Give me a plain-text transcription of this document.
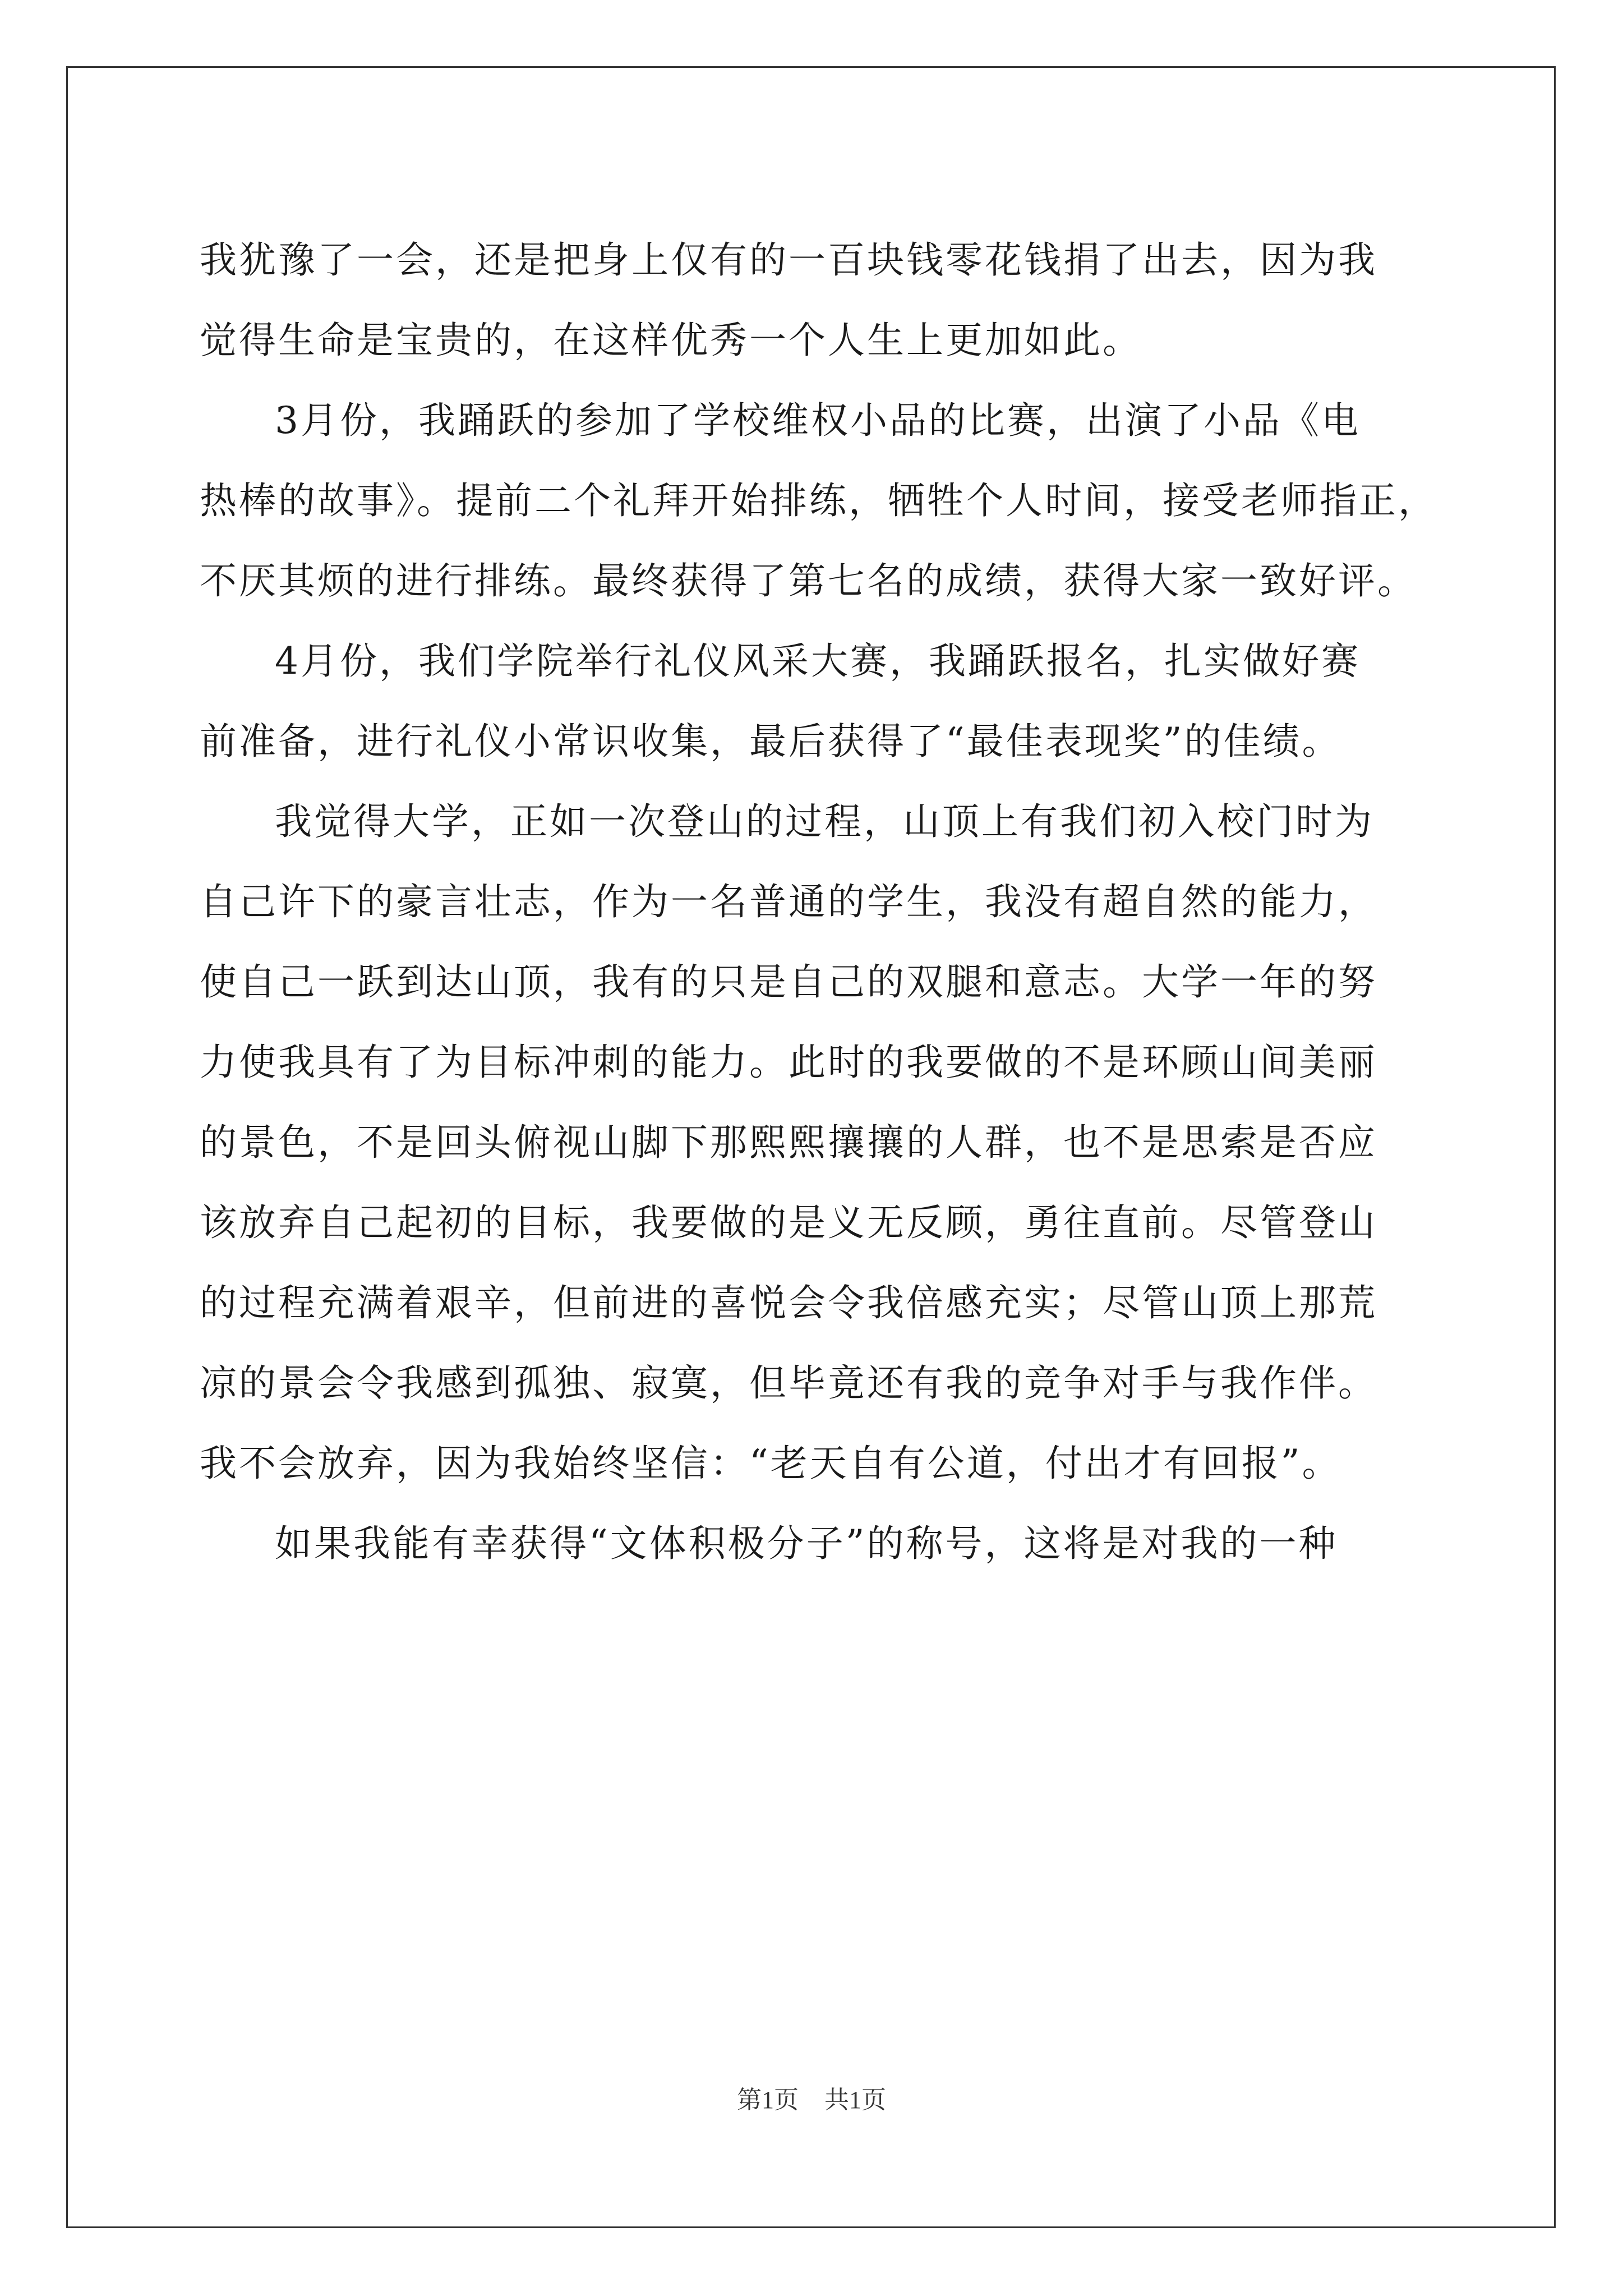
我犹豫了一会，还是把身上仅有的一百块钱零花钱捐了出去，因为我
觉得生命是宝贵的，在这样优秀一个人生上更加如此。
3月份，我踊跃的参加了学校维权小品的比赛，出演了小品《电
热棒的故事》。提前二个礼拜开始排练，牺牲个人时间，接受老师指正，
不厌其烦的进行排练。最终获得了第七名的成绩，获得大家一致好评。
4月份，我们学院举行礼仪风采大赛，我踊跃报名，扎实做好赛
前准备，进行礼仪小常识收集，最后获得了“最佳表现奖”的佳绩。
我觉得大学，正如一次登山的过程，山顶上有我们初入校门时为
自己许下的豪言壮志，作为一名普通的学生，我没有超自然的能力，
使自己一跃到达山顶，我有的只是自己的双腿和意志。大学一年的努
力使我具有了为目标冲刺的能力。此时的我要做的不是环顾山间美丽
的景色，不是回头俯视山脚下那熙熙攘攘的人群，也不是思索是否应
该放弃自己起初的目标，我要做的是义无反顾，勇往直前。尽管登山
的过程充满着艰辛，但前进的喜悦会令我倍感充实；尽管山顶上那荒
凉的景会令我感到孤独、寂寞，但毕竟还有我的竞争对手与我作伴。
我不会放弃，因为我始终坚信：“老天自有公道，付出才有回报”。
如果我能有幸获得“文体积极分子”的称号，这将是对我的一种
第1页 共1页
